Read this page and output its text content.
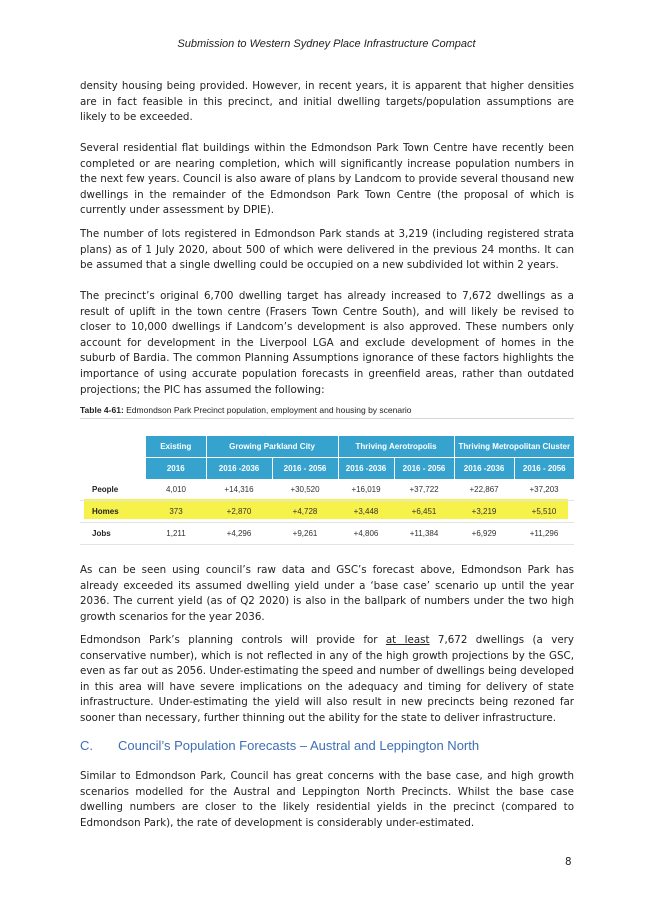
Submission to Western Sydney Place Infrastructure Compact

density housing being provided. However, in recent years, it is apparent that higher densities are in fact feasible in this precinct, and initial dwelling targets/population assumptions are likely to be exceeded.

Several residential flat buildings within the Edmondson Park Town Centre have recently been completed or are nearing completion, which will significantly increase population numbers in the next few years. Council is also aware of plans by Landcom to provide several thousand new dwellings in the remainder of the Edmondson Park Town Centre (the proposal of which is currently under assessment by DPIE).

The number of lots registered in Edmondson Park stands at 3,219 (including registered strata plans) as of 1 July 2020, about 500 of which were delivered in the previous 24 months. It can be assumed that a single dwelling could be occupied on a new subdivided lot within 2 years.

The precinct’s original 6,700 dwelling target has already increased to 7,672 dwellings as a result of uplift in the town centre (Frasers Town Centre South), and will likely be revised to closer to 10,000 dwellings if Landcom’s development is also approved. These numbers only account for development in the Liverpool LGA and exclude development of homes in the suburb of Bardia. The common Planning Assumptions ignorance of these factors highlights the importance of using accurate population forecasts in greenfield areas, rather than outdated projections; the PIC has assumed the following:

Table 4-61: Edmondson Park Precinct population, employment and housing by scenario
	Existing	Growing Parkland City		Thriving Aerotropolis		Thriving Metropolitan Cluster	
	2016	2016 -2036	2016 - 2056	2016 -2036	2016 - 2056	2016 -2036	2016 - 2056
People	4,010	+14,316	+30,520	+16,019	+37,722	+22,867	+37,203
Homes	373	+2,870	+4,728	+3,448	+6,451	+3,219	+5,510
Jobs	1,211	+4,296	+9,261	+4,806	+11,384	+6,929	+11,296

As can be seen using council’s raw data and GSC’s forecast above, Edmondson Park has already exceeded its assumed dwelling yield under a ‘base case’ scenario up until the year 2036. The current yield (as of Q2 2020) is also in the ballpark of numbers under the two high growth scenarios for the year 2036.

Edmondson Park’s planning controls will provide for at least 7,672 dwellings (a very conservative number), which is not reflected in any of the high growth projections by the GSC, even as far out as 2056. Under-estimating the speed and number of dwellings being developed in this area will have severe implications on the adequacy and timing for delivery of state infrastructure. Under-estimating the yield will also result in new precincts being rezoned far sooner than necessary, further thinning out the ability for the state to deliver infrastructure.

C. Council’s Population Forecasts – Austral and Leppington North

Similar to Edmondson Park, Council has great concerns with the base case, and high growth scenarios modelled for the Austral and Leppington North Precincts. Whilst the base case dwelling numbers are closer to the likely residential yields in the precinct (compared to Edmondson Park), the rate of development is considerably under-estimated.

8
